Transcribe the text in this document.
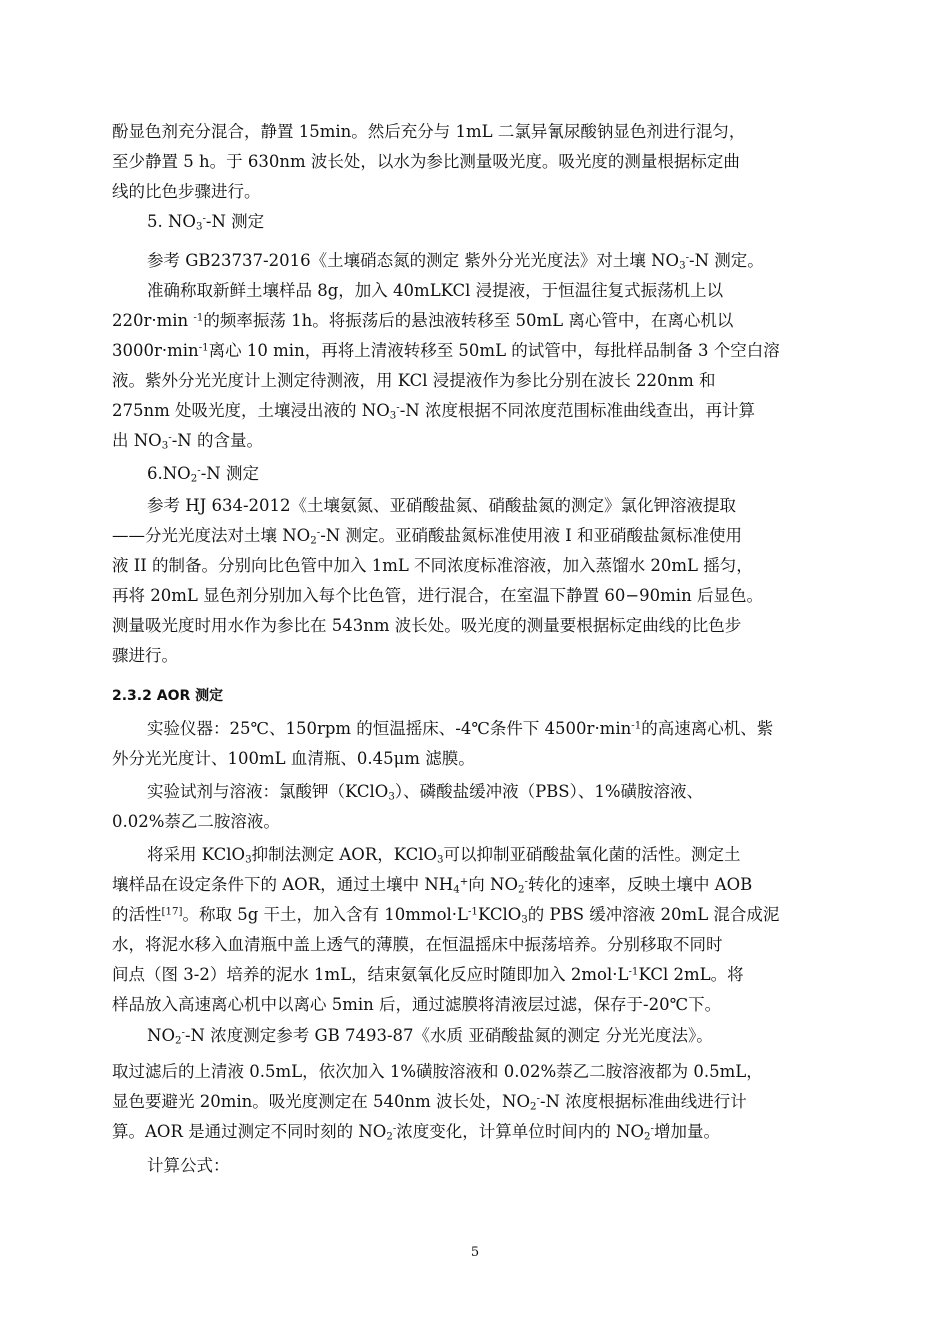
酚显色剂充分混合，静置 15min。然后充分与 1mL 二氯异氰尿酸钠显色剂进行混匀，
至少静置 5 h。于 630nm 波长处，以水为参比测量吸光度。吸光度的测量根据标定曲
线的比色步骤进行。
5. $NO_3^--N$ 测定
参考 GB23737-2016《土壤硝态氮的测定 紫外分光光度法》对土壤 $NO_3^--N$ 测定。
准确称取新鲜土壤样品 8g，加入 40mLKCl 浸提液，于恒温往复式振荡机上以
220r·min $^{-1}$的频率振荡 1h。将振荡后的悬浊液转移至 50mL 离心管中，在离心机以
$3000r\cdot\min^{-1}$离心 10 min，再将上清液转移至 50mL 的试管中，每批样品制备 3 个空白溶
液。紫外分光光度计上测定待测液，用 KCl 浸提液作为参比分别在波长 220nm 和
275nm 处吸光度，土壤浸出液的 $NO_3^--N$ 浓度根据不同浓度范围标准曲线查出，再计算
出 $NO_3^--N$ 的含量。
$6.NO_2^--N$ 测定
参考 HJ 634-2012《土壤氨氮、亚硝酸盐氮、硝酸盐氮的测定》氯化钾溶液提取
——分光光度法对土壤 $NO_2^--N$ 测定。亚硝酸盐氮标准使用液 I 和亚硝酸盐氮标准使用
液 II 的制备。分别向比色管中加入 1mL 不同浓度标准溶液，加入蒸馏水 20mL 摇匀，
再将 20mL 显色剂分别加入每个比色管，进行混合，在室温下静置 60−90min 后显色。
测量吸光度时用水作为参比在 543nm 波长处。吸光度的测量要根据标定曲线的比色步
骤进行。
2.3.2 AOR 测定
实验仪器：25℃、150rpm 的恒温摇床、-4℃条件下 $4500r\cdot\min^{-1}$的高速离心机、紫
外分光光度计、100mL 血清瓶、0.45μm 滤膜。
实验试剂与溶液：氯酸钾（KClO$_3$）、磷酸盐缓冲液（PBS）、1%磺胺溶液、
0.02%萘乙二胺溶液。
将采用 KClO$_3$抑制法测定 AOR，KClO$_3$可以抑制亚硝酸盐氧化菌的活性。测定土
壤样品在设定条件下的 AOR，通过土壤中 $NH_4^+$向 $NO_2^-$转化的速率，反映土壤中 AOB
的活性[17]。称取 5g 干土，加入含有 $10mmol\cdot L^{-1}KClO_3$的 PBS 缓冲溶液 20mL 混合成泥
水，将泥水移入血清瓶中盖上透气的薄膜，在恒温摇床中振荡培养。分别移取不同时
间点（图 3-2）培养的泥水 1mL，结束氨氧化反应时随即加入 $2mol\cdot L^{-1}KCl$ 2mL。将
样品放入高速离心机中以离心 5min 后，通过滤膜将清液层过滤，保存于-20℃下。
$NO_2^--N$ 浓度测定参考 GB 7493-87《水质 亚硝酸盐氮的测定 分光光度法》。
取过滤后的上清液 0.5mL，依次加入 1%磺胺溶液和 0.02%萘乙二胺溶液都为 0.5mL，
显色要避光 20min。吸光度测定在 540nm 波长处，$NO_2^--N$ 浓度根据标准曲线进行计
算。AOR 是通过测定不同时刻的 $NO_2^-$浓度变化，计算单位时间内的 $NO_2^-$增加量。
计算公式：
5
